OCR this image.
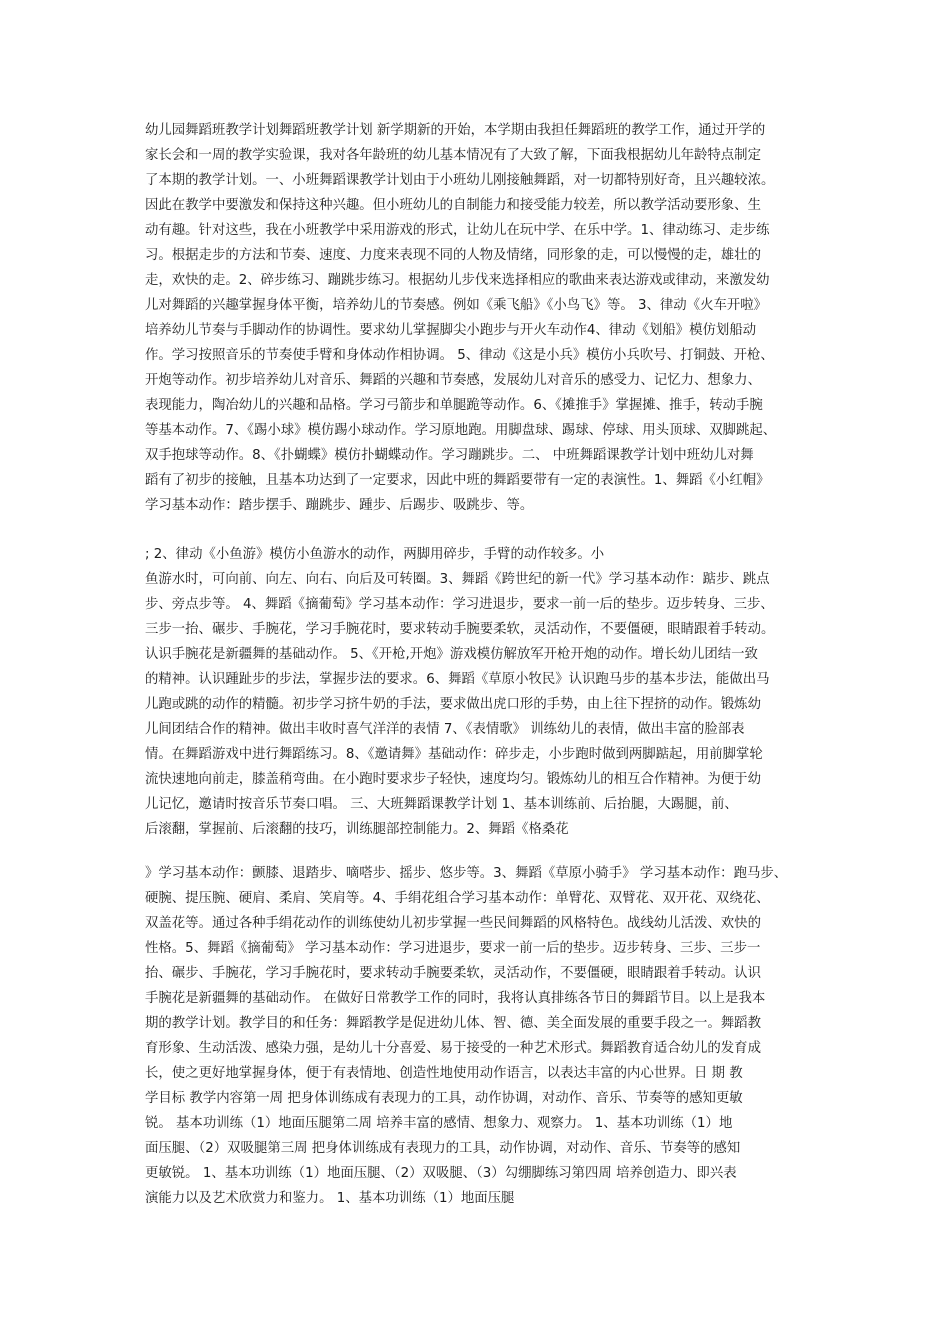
幼儿园舞蹈班教学计划舞蹈班教学计划 新学期新的开始，本学期由我担任舞蹈班的教学工作，通过开学的
家长会和一周的教学实验课，我对各年龄班的幼儿基本情况有了大致了解，下面我根据幼儿年龄特点制定
了本期的教学计划。一、小班舞蹈课教学计划由于小班幼儿刚接触舞蹈，对一切都特别好奇，且兴趣较浓。
因此在教学中要激发和保持这种兴趣。但小班幼儿的自制能力和接受能力较差，所以教学活动要形象、生
动有趣。针对这些，我在小班教学中采用游戏的形式，让幼儿在玩中学、在乐中学。1、律动练习、走步练
习。根据走步的方法和节奏、速度、力度来表现不同的人物及情绪，同形象的走，可以慢慢的走，雄壮的
走，欢快的走。2、碎步练习、蹦跳步练习。根据幼儿步伐来选择相应的歌曲来表达游戏或律动，来激发幼
儿对舞蹈的兴趣掌握身体平衡，培养幼儿的节奏感。例如《乘飞船》《小鸟飞》等。 3、律动《火车开啦》
培养幼儿节奏与手脚动作的协调性。要求幼儿掌握脚尖小跑步与开火车动作4、律动《划船》模仿划船动
作。学习按照音乐的节奏使手臂和身体动作相协调。 5、律动《这是小兵》模仿小兵吹号、打铜鼓、开枪、
开炮等动作。初步培养幼儿对音乐、舞蹈的兴趣和节奏感，发展幼儿对音乐的感受力、记忆力、想象力、
表现能力，陶冶幼儿的兴趣和品格。学习弓箭步和单腿跪等动作。6、《摊推手》掌握摊、推手，转动手腕
等基本动作。7、《踢小球》模仿踢小球动作。学习原地跑。用脚盘球、踢球、停球、用头顶球、双脚跳起、
双手抱球等动作。8、《扑蝴蝶》模仿扑蝴蝶动作。学习蹦跳步。二、 中班舞蹈课教学计划中班幼儿对舞
蹈有了初步的接触，且基本功达到了一定要求，因此中班的舞蹈要带有一定的表演性。1、舞蹈《小红帽》
学习基本动作：踏步摆手、蹦跳步、踵步、后踢步、吸跳步、等。
; 2、律动《小鱼游》模仿小鱼游水的动作，两脚用碎步，手臂的动作较多。小
鱼游水时，可向前、向左、向右、向后及可转圈。3、舞蹈《跨世纪的新一代》学习基本动作：踮步、跳点
步、旁点步等。 4、舞蹈《摘葡萄》学习基本动作：学习进退步，要求一前一后的垫步。迈步转身、三步、
三步一抬、碾步、手腕花，学习手腕花时，要求转动手腕要柔软，灵活动作，不要僵硬，眼睛跟着手转动。
认识手腕花是新疆舞的基础动作。 5、《开枪,开炮》游戏模仿解放军开枪开炮的动作。增长幼儿团结一致
的精神。认识踵趾步的步法，掌握步法的要求。6、舞蹈《草原小牧民》认识跑马步的基本步法，能做出马
儿跑或跳的动作的精髓。初步学习挤牛奶的手法，要求做出虎口形的手势，由上往下捏挤的动作。锻炼幼
儿间团结合作的精神。做出丰收时喜气洋洋的表情 7、《表情歌》 训练幼儿的表情，做出丰富的脸部表
情。在舞蹈游戏中进行舞蹈练习。8、《邀请舞》基础动作：碎步走，小步跑时做到两脚踮起，用前脚掌轮
流快速地向前走，膝盖稍弯曲。在小跑时要求步子轻快，速度均匀。锻炼幼儿的相互合作精神。为便于幼
儿记忆，邀请时按音乐节奏口唱。 三、大班舞蹈课教学计划 1、基本训练前、后抬腿，大踢腿，前、
后滚翻，掌握前、后滚翻的技巧，训练腿部控制能力。2、舞蹈《格桑花
》学习基本动作：颤膝、退踏步、嘀嗒步、摇步、悠步等。3、舞蹈《草原小骑手》 学习基本动作：跑马步、
硬腕、提压腕、硬肩、柔肩、笑肩等。4、手绢花组合学习基本动作：单臂花、双臂花、双开花、双绕花、
双盖花等。通过各种手绢花动作的训练使幼儿初步掌握一些民间舞蹈的风格特色。战线幼儿活泼、欢快的
性格。5、舞蹈《摘葡萄》 学习基本动作：学习进退步，要求一前一后的垫步。迈步转身、三步、三步一
抬、碾步、手腕花，学习手腕花时，要求转动手腕要柔软，灵活动作，不要僵硬，眼睛跟着手转动。认识
手腕花是新疆舞的基础动作。 在做好日常教学工作的同时，我将认真排练各节日的舞蹈节目。以上是我本
期的教学计划。教学目的和任务：舞蹈教学是促进幼儿体、智、德、美全面发展的重要手段之一。舞蹈教
育形象、生动活泼、感染力强，是幼儿十分喜爱、易于接受的一种艺术形式。舞蹈教育适合幼儿的发育成
长，使之更好地掌握身体，便于有表情地、创造性地使用动作语言，以表达丰富的内心世界。日 期 教
学目标 教学内容第一周 把身体训练成有表现力的工具，动作协调，对动作、音乐、节奏等的感知更敏
锐。 基本功训练（1）地面压腿第二周 培养丰富的感情、想象力、观察力。 1、基本功训练（1）地
面压腿、（2）双吸腿第三周 把身体训练成有表现力的工具，动作协调，对动作、音乐、节奏等的感知
更敏锐。 1、基本功训练（1）地面压腿、（2）双吸腿、（3）勾绷脚练习第四周 培养创造力、即兴表
演能力以及艺术欣赏力和鉴力。 1、基本功训练（1）地面压腿
